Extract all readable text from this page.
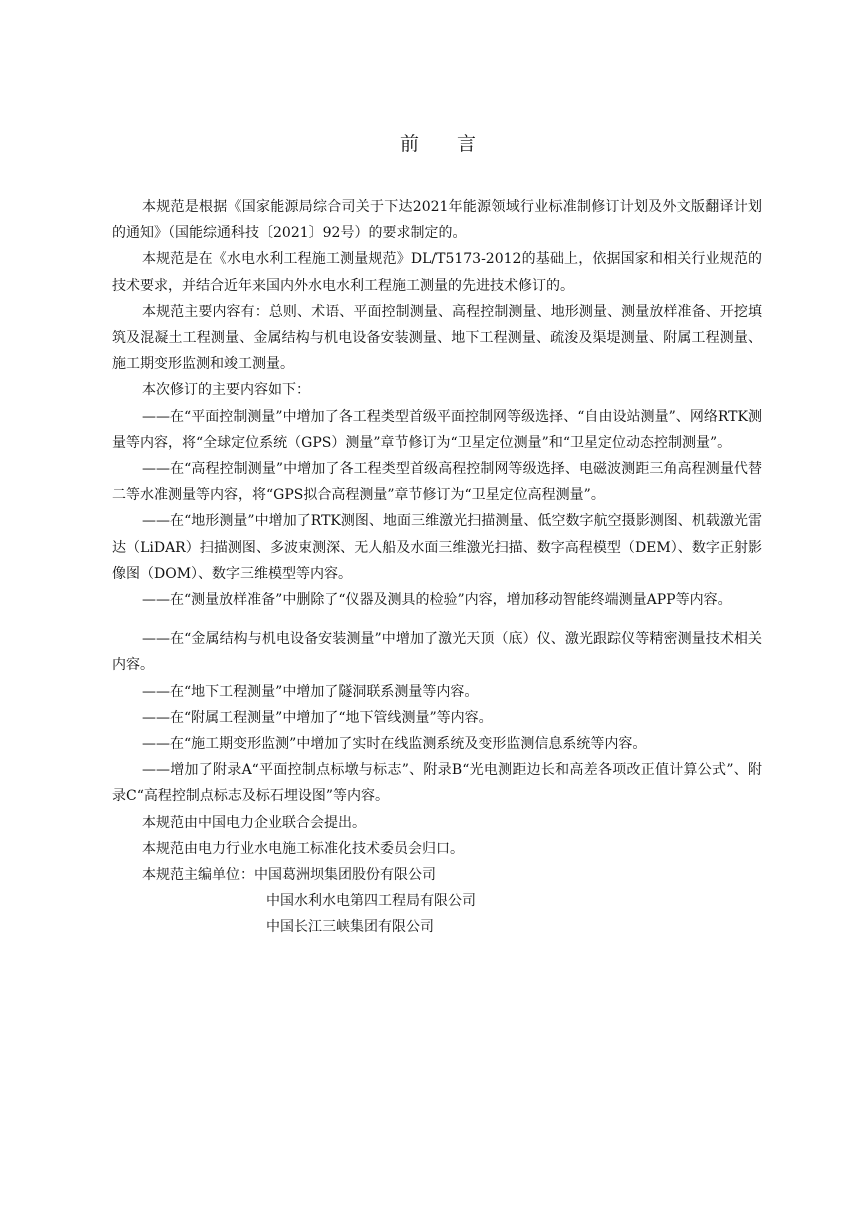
前 言

本规范是根据《国家能源局综合司关于下达2021年能源领域行业标准制修订计划及外文版翻译计划的通知》（国能综通科技〔2021〕92号）的要求制定的。

本规范是在《水电水利工程施工测量规范》DL/T5173-2012的基础上，依据国家和相关行业规范的技术要求，并结合近年来国内外水电水利工程施工测量的先进技术修订的。

本规范主要内容有：总则、术语、平面控制测量、高程控制测量、地形测量、测量放样准备、开挖填筑及混凝土工程测量、金属结构与机电设备安装测量、地下工程测量、疏浚及渠堤测量、附属工程测量、施工期变形监测和竣工测量。

本次修订的主要内容如下：

——在“平面控制测量”中增加了各工程类型首级平面控制网等级选择、“自由设站测量”、网络RTK测量等内容，将“全球定位系统（GPS）测量”章节修订为“卫星定位测量”和“卫星定位动态控制测量”。

——在“高程控制测量”中增加了各工程类型首级高程控制网等级选择、电磁波测距三角高程测量代替二等水准测量等内容，将“GPS拟合高程测量”章节修订为“卫星定位高程测量”。

——在“地形测量”中增加了RTK测图、地面三维激光扫描测量、低空数字航空摄影测图、机载激光雷达（LiDAR）扫描测图、多波束测深、无人船及水面三维激光扫描、数字高程模型（DEM）、数字正射影像图（DOM）、数字三维模型等内容。

——在“测量放样准备”中删除了“仪器及测具的检验”内容，增加移动智能终端测量APP等内容。

——在“金属结构与机电设备安装测量”中增加了激光天顶（底）仪、激光跟踪仪等精密测量技术相关内容。

——在“地下工程测量”中增加了隧洞联系测量等内容。

——在“附属工程测量”中增加了“地下管线测量”等内容。

——在“施工期变形监测”中增加了实时在线监测系统及变形监测信息系统等内容。

——增加了附录A“平面控制点标墩与标志”、附录B“光电测距边长和高差各项改正值计算公式”、附录C“高程控制点标志及标石埋设图”等内容。

本规范由中国电力企业联合会提出。

本规范由电力行业水电施工标准化技术委员会归口。

本规范主编单位：中国葛洲坝集团股份有限公司

中国水利水电第四工程局有限公司

中国长江三峡集团有限公司
